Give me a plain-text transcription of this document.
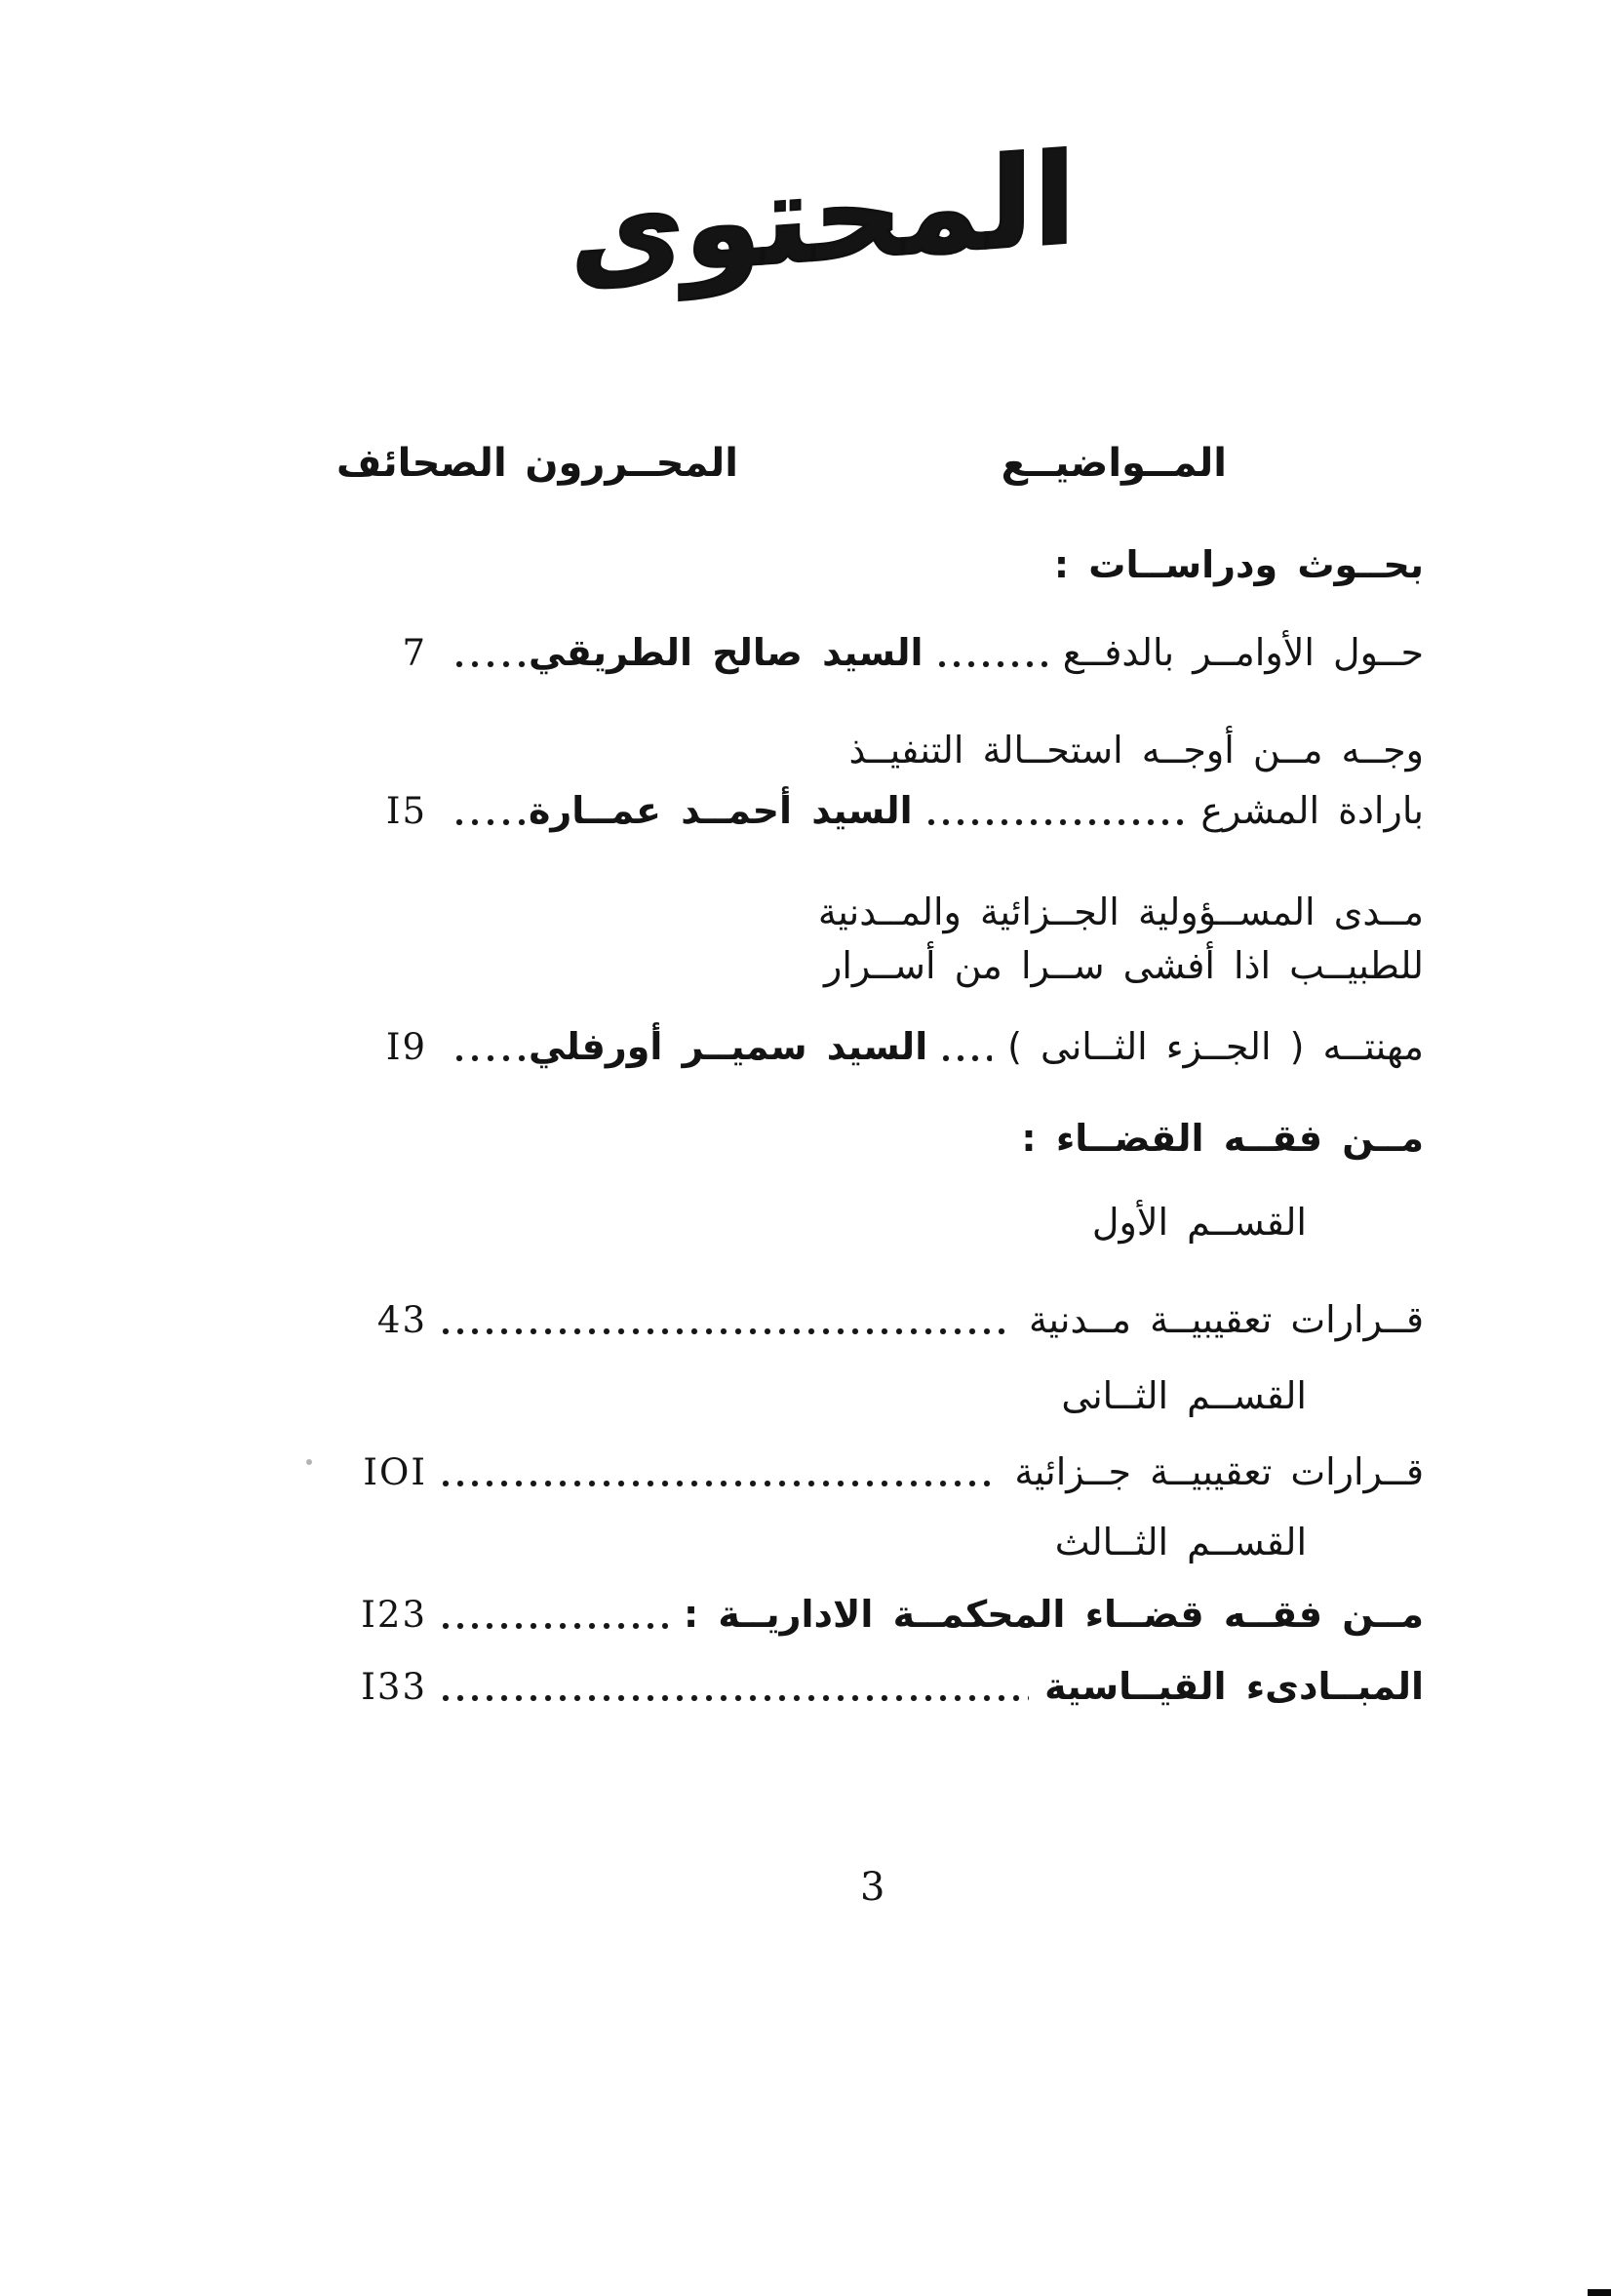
المحتوى
المــواضيــع
المحــررون
الصحائف
بحــوث ودراســات :
حــول الأوامــر بالدفــع
السيد صالح الطريقي
7
وجــه مــن أوجــه استحــالة التنفيــذ
بارادة المشرع
السيد أحمــد عمــارة
I5
مــدى المســؤولية الجــزائية والمــدنية
للطبيــب اذا أفشى ســرا من أســرار
مهنتــه ( الجــزء الثــانى )
السيد سميــر أورفلي
I9
مــن فقــه القضــاء :
القســم الأول
قــرارات تعقيبيــة مــدنية
43
القســم الثــانى
قــرارات تعقيبيــة جــزائية
IOI
القســم الثــالث
مــن فقــه قضــاء المحكمــة الاداريــة :
I23
المبــادىء القيــاسية
I33
3
